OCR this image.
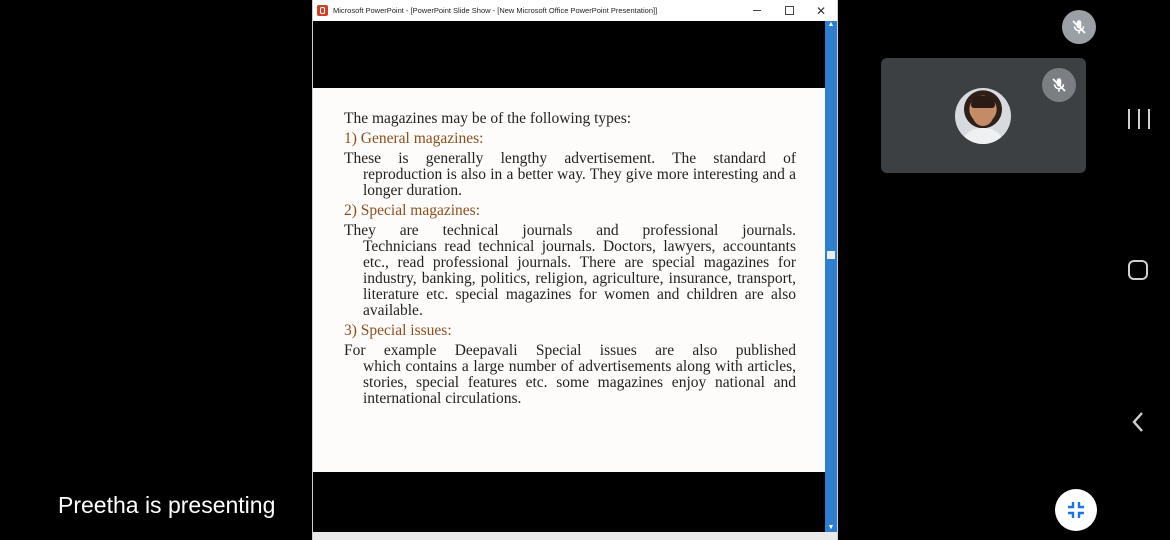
Microsoft PowerPoint - [PowerPoint Slide Show - [New Microsoft Office PowerPoint Presentation]]	✕
The magazines may be of the following types:
1) General magazines:
These is generally lengthy advertisement. The standard of
reproduction is also in a better way. They give more interesting and a longer duration.
2) Special magazines:
They are technical journals and professional journals.
Technicians read technical journals. Doctors, lawyers, accountants etc., read professional journals. There are special magazines for industry, banking, politics, religion, agriculture, insurance, transport, literature etc. special magazines for women and children are also available.
3) Special issues:
For example Deepavali Special issues are also published
which contains a large number of advertisements along with articles, stories, special features etc. some magazines enjoy national and international circulations.
▲
▼
Preetha is presenting
